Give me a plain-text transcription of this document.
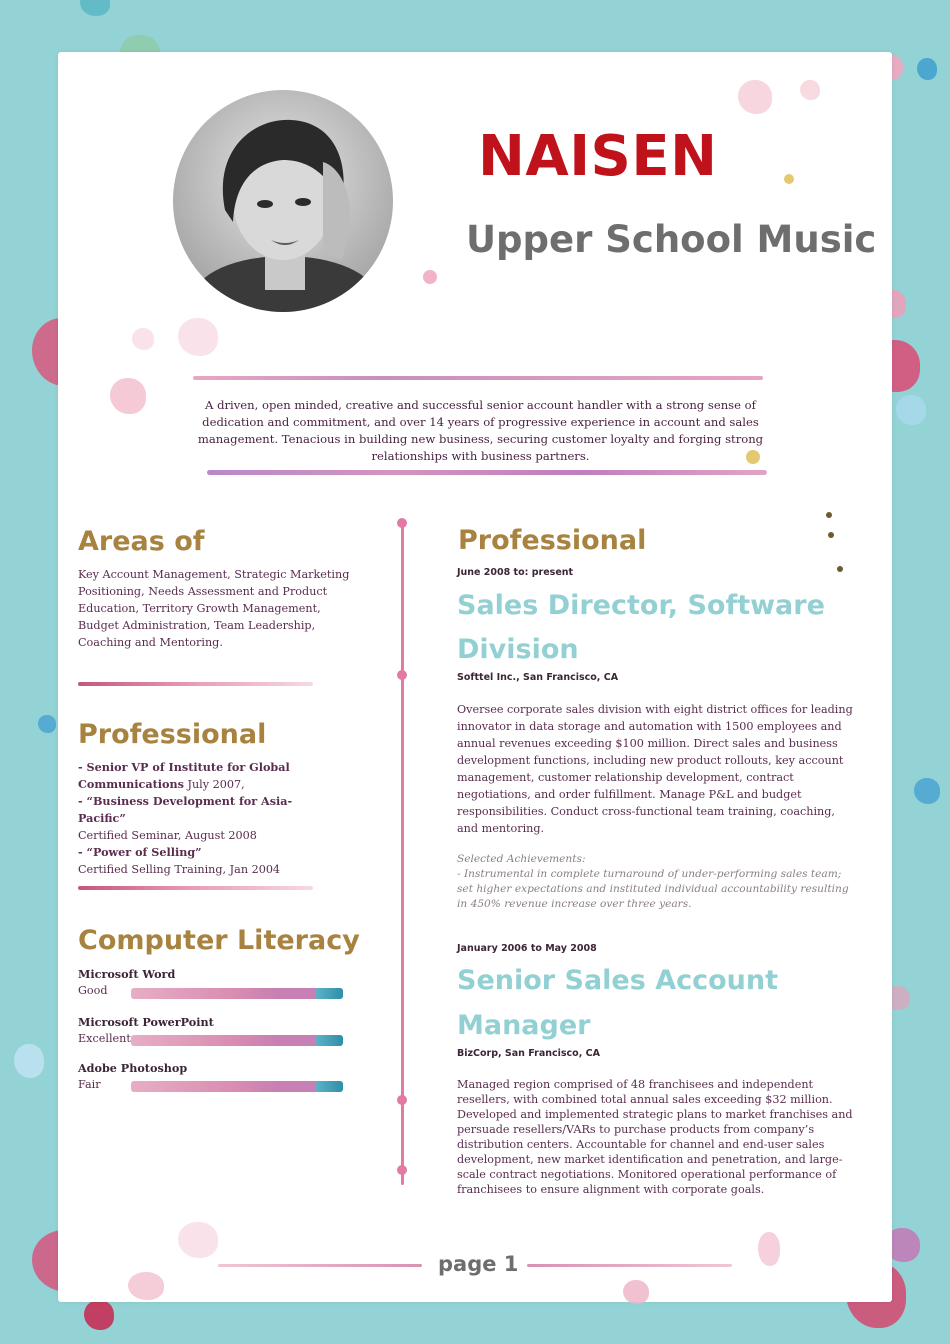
NAISEN
Upper School Music

A driven, open minded, creative and successful senior account handler with a strong sense of dedication and commitment, and over 14 years of progressive experience in account and sales management. Tenacious in building new business, securing customer loyalty and forging strong relationships with business partners.

Areas of

Key Account Management, Strategic Marketing Positioning, Needs Assessment and Product Education, Territory Growth Management, Budget Administration, Team Leadership, Coaching and Mentoring.

Professional
- Senior VP of Institute for Global Communications July 2007,
- “Business Development for Asia-Pacific”
Certified Seminar, August 2008
- “Power of Selling”
Certified Selling Training, Jan 2004
Computer Literacy

Microsoft Word

Good

Microsoft PowerPoint

Excellent

Adobe Photoshop

Fair

Professional

June 2008 to: present

Sales Director, Software

Division

Softtel Inc., San Francisco, CA

Oversee corporate sales division with eight district offices for leading innovator in data storage and automation with 1500 employees and annual revenues exceeding $100 million. Direct sales and business development functions, including new product rollouts, key account management, customer relationship development, contract negotiations, and order fulfillment. Manage P&L and budget responsibilities. Conduct cross-functional team training, coaching, and mentoring.

Selected Achievements:

- Instrumental in complete turnaround of under-performing sales team; set higher expectations and instituted individual accountability resulting in 450% revenue increase over three years.

January 2006 to May 2008

Senior Sales Account

Manager

BizCorp, San Francisco, CA

Managed region comprised of 48 franchisees and independent resellers, with combined total annual sales exceeding $32 million. Developed and implemented strategic plans to market franchises and persuade resellers/VARs to purchase products from company’s distribution centers. Accountable for channel and end-user sales development, new market identification and penetration, and large-scale contract negotiations. Monitored operational performance of franchisees to ensure alignment with corporate goals.

page 1
